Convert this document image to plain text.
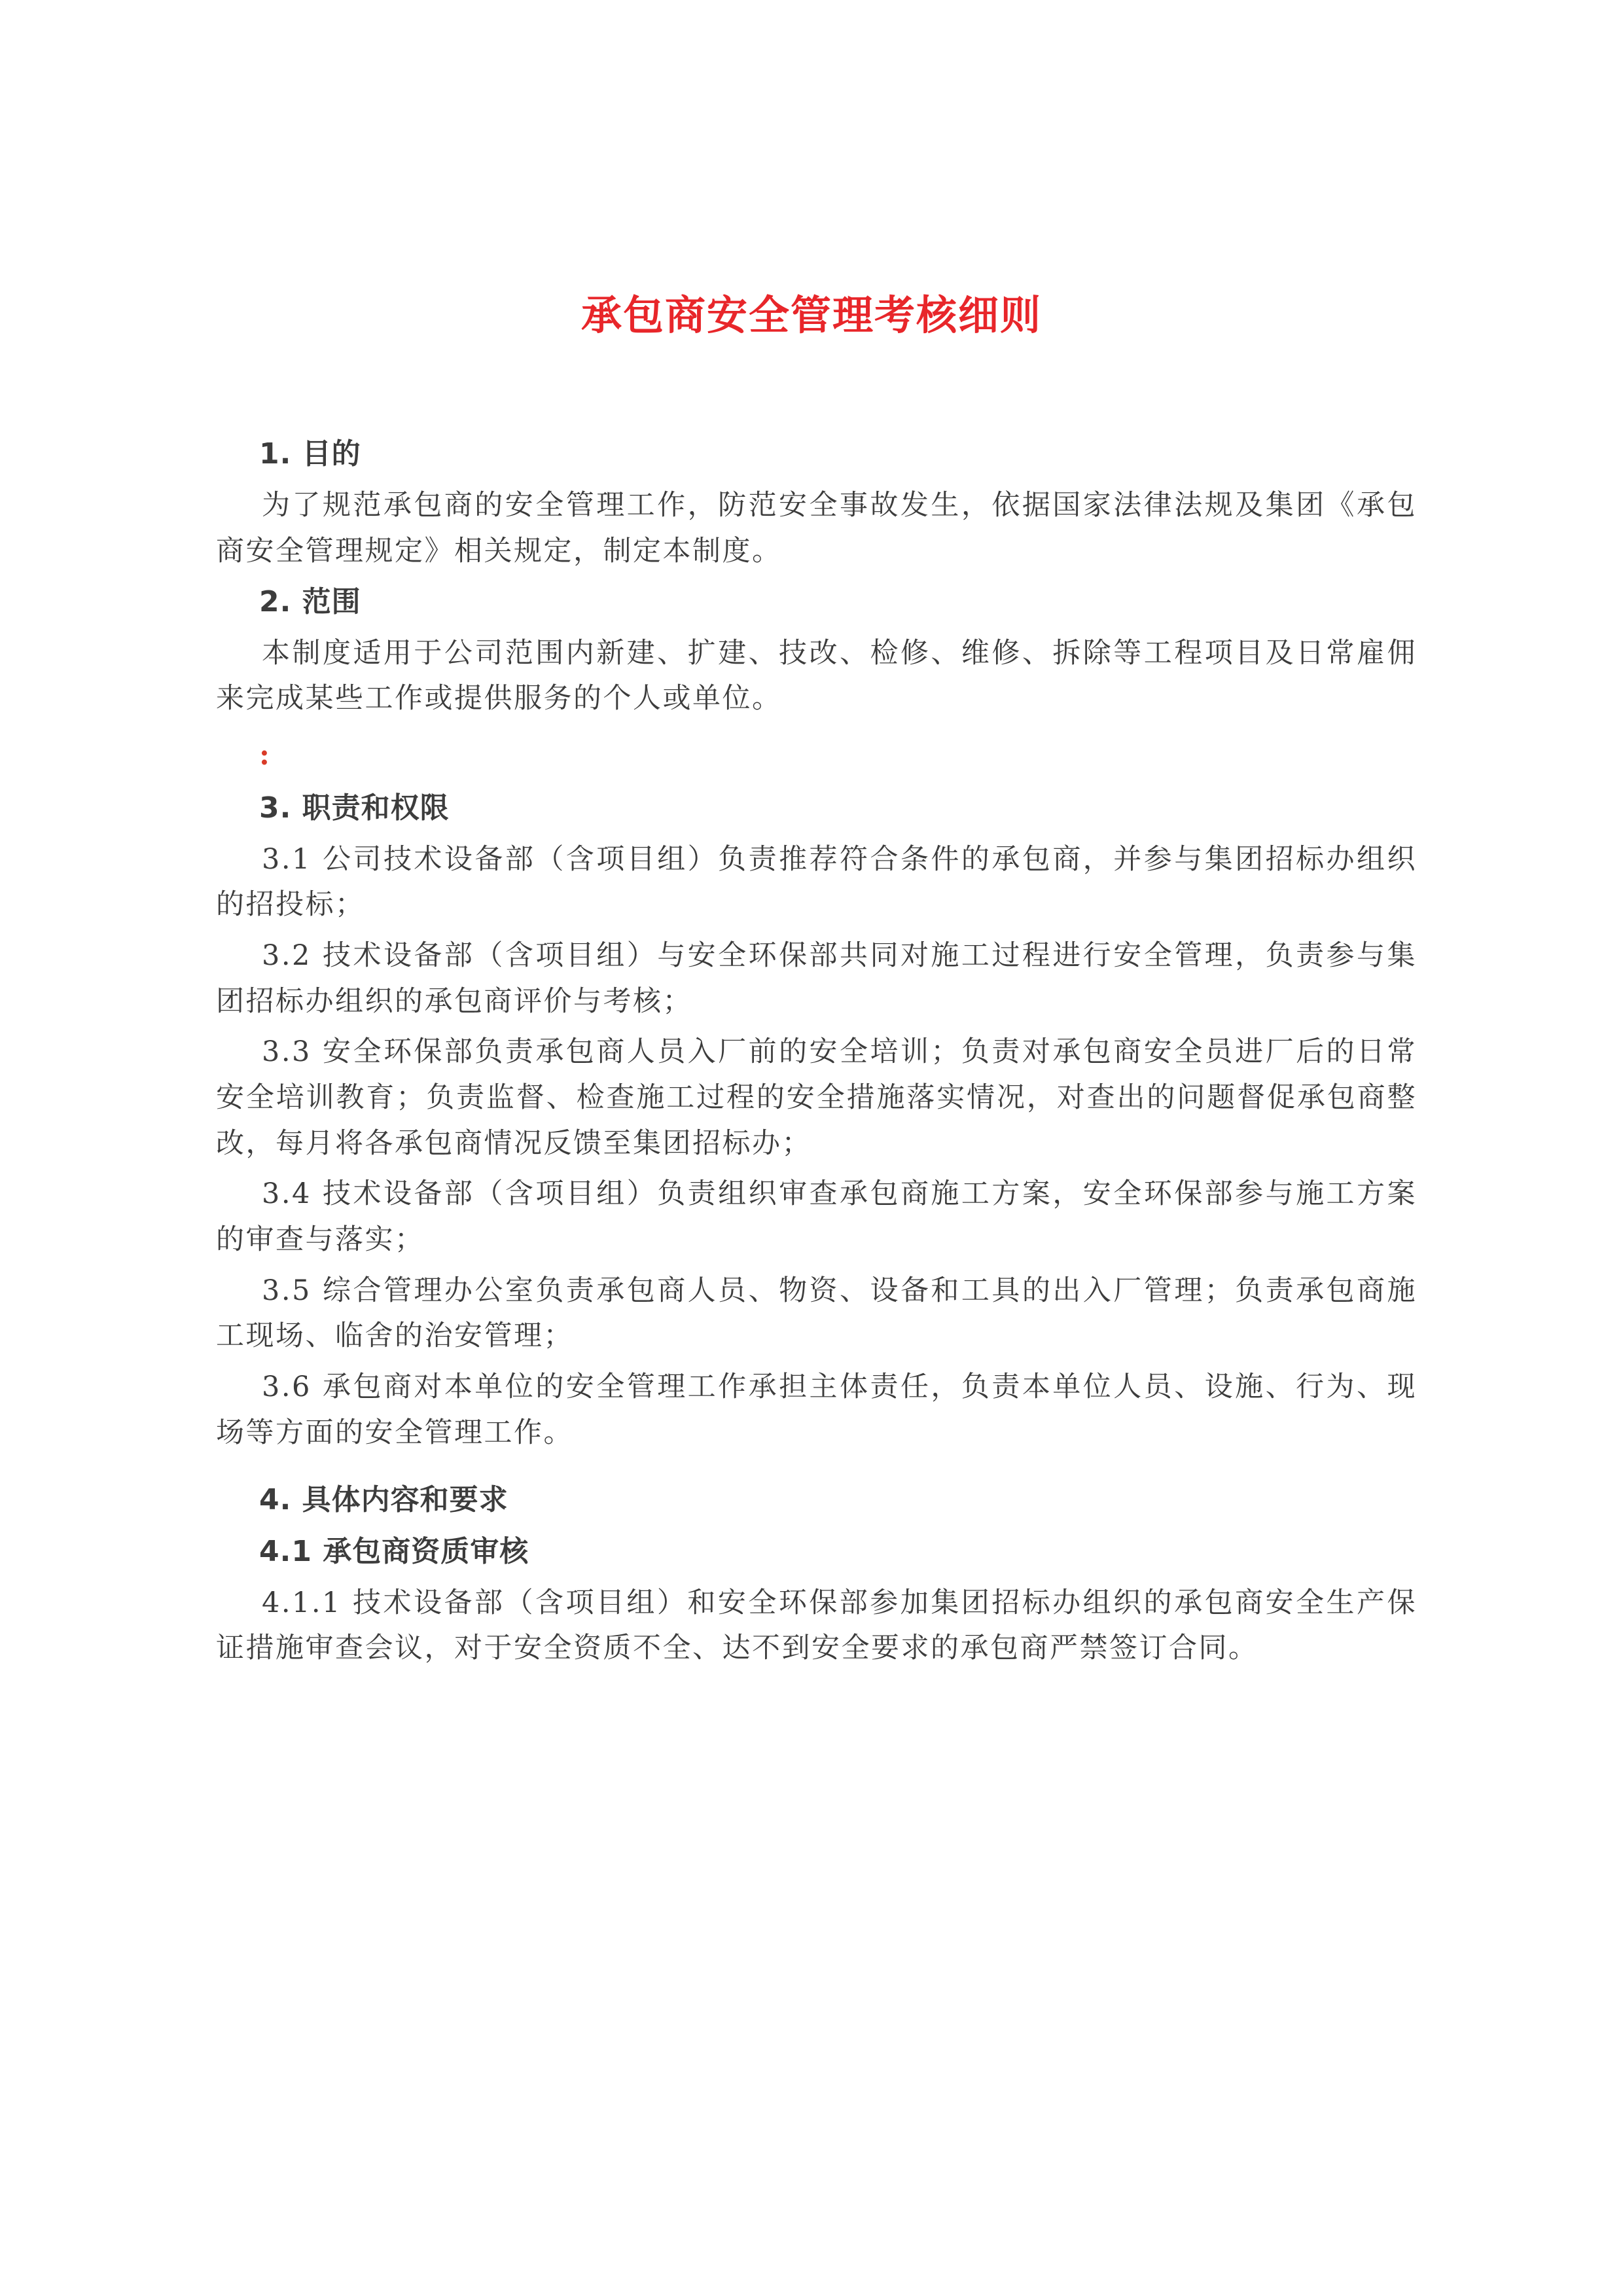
承包商安全管理考核细则
1. 目的

为了规范承包商的安全管理工作，防范安全事故发生，依据国家法律法规及集团《承包商安全管理规定》相关规定，制定本制度。

2. 范围

本制度适用于公司范围内新建、扩建、技改、检修、维修、拆除等工程项目及日常雇佣来完成某些工作或提供服务的个人或单位。

:
3. 职责和权限

3.1 公司技术设备部（含项目组）负责推荐符合条件的承包商，并参与集团招标办组织的招投标；

3.2 技术设备部（含项目组）与安全环保部共同对施工过程进行安全管理，负责参与集团招标办组织的承包商评价与考核；

3.3 安全环保部负责承包商人员入厂前的安全培训；负责对承包商安全员进厂后的日常安全培训教育；负责监督、检查施工过程的安全措施落实情况，对查出的问题督促承包商整改，每月将各承包商情况反馈至集团招标办；

3.4 技术设备部（含项目组）负责组织审查承包商施工方案，安全环保部参与施工方案的审查与落实；

3.5 综合管理办公室负责承包商人员、物资、设备和工具的出入厂管理；负责承包商施工现场、临舍的治安管理；

3.6 承包商对本单位的安全管理工作承担主体责任，负责本单位人员、设施、行为、现场等方面的安全管理工作。

4. 具体内容和要求
4.1 承包商资质审核

4.1.1 技术设备部（含项目组）和安全环保部参加集团招标办组织的承包商安全生产保证措施审查会议，对于安全资质不全、达不到安全要求的承包商严禁签订合同。
